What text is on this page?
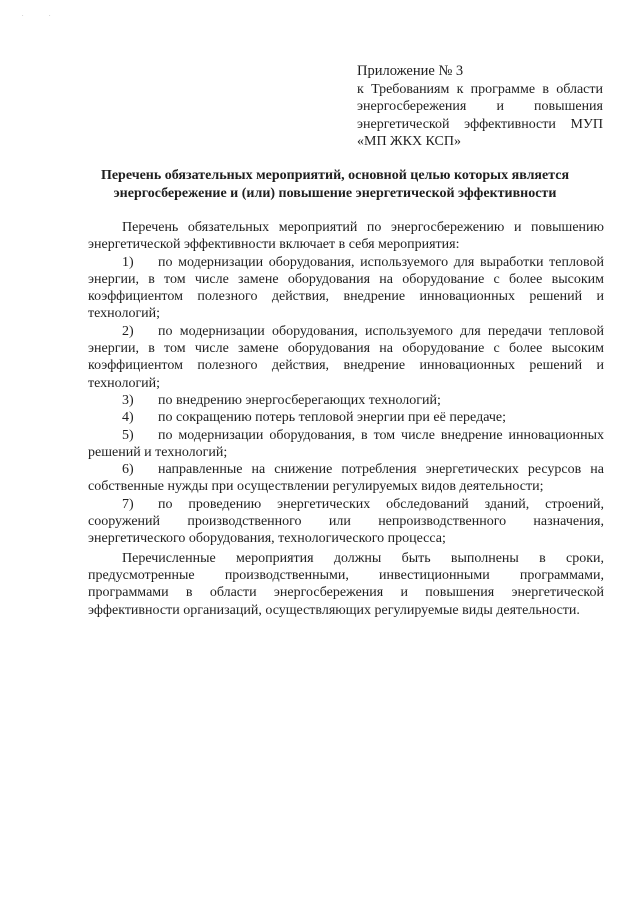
. .
Приложение № 3
к Требованиям к программе в области энергосбережения и повышения энергетической эффективности МУП «МП ЖКХ КСП»
Перечень обязательных мероприятий, основной целью которых является
энергосбережение и (или) повышение энергетической эффективности

Перечень обязательных мероприятий по энергосбережению и повышению энергетической эффективности включает в себя мероприятия:

1) по модернизации оборудования, используемого для выработки тепловой энергии, в том числе замене оборудования на оборудование с более высоким коэффициентом полезного действия, внедрение инновационных решений и технологий;

2) по модернизации оборудования, используемого для передачи тепловой энергии, в том числе замене оборудования на оборудование с более высоким коэффициентом полезного действия, внедрение инновационных решений и технологий;

3) по внедрению энергосберегающих технологий;

4) по сокращению потерь тепловой энергии при её передаче;

5) по модернизации оборудования, в том числе внедрение инновационных решений и технологий;

6) направленные на снижение потребления энергетических ресурсов на собственные нужды при осуществлении регулируемых видов деятельности;

7) по проведению энергетических обследований зданий, строений, сооружений производственного или непроизводственного назначения, энергетического оборудования, технологического процесса;

Перечисленные мероприятия должны быть выполнены в сроки, предусмотренные производственными, инвестиционными программами, программами в области энергосбережения и повышения энергетической эффективности организаций, осуществляющих регулируемые виды деятельности.
